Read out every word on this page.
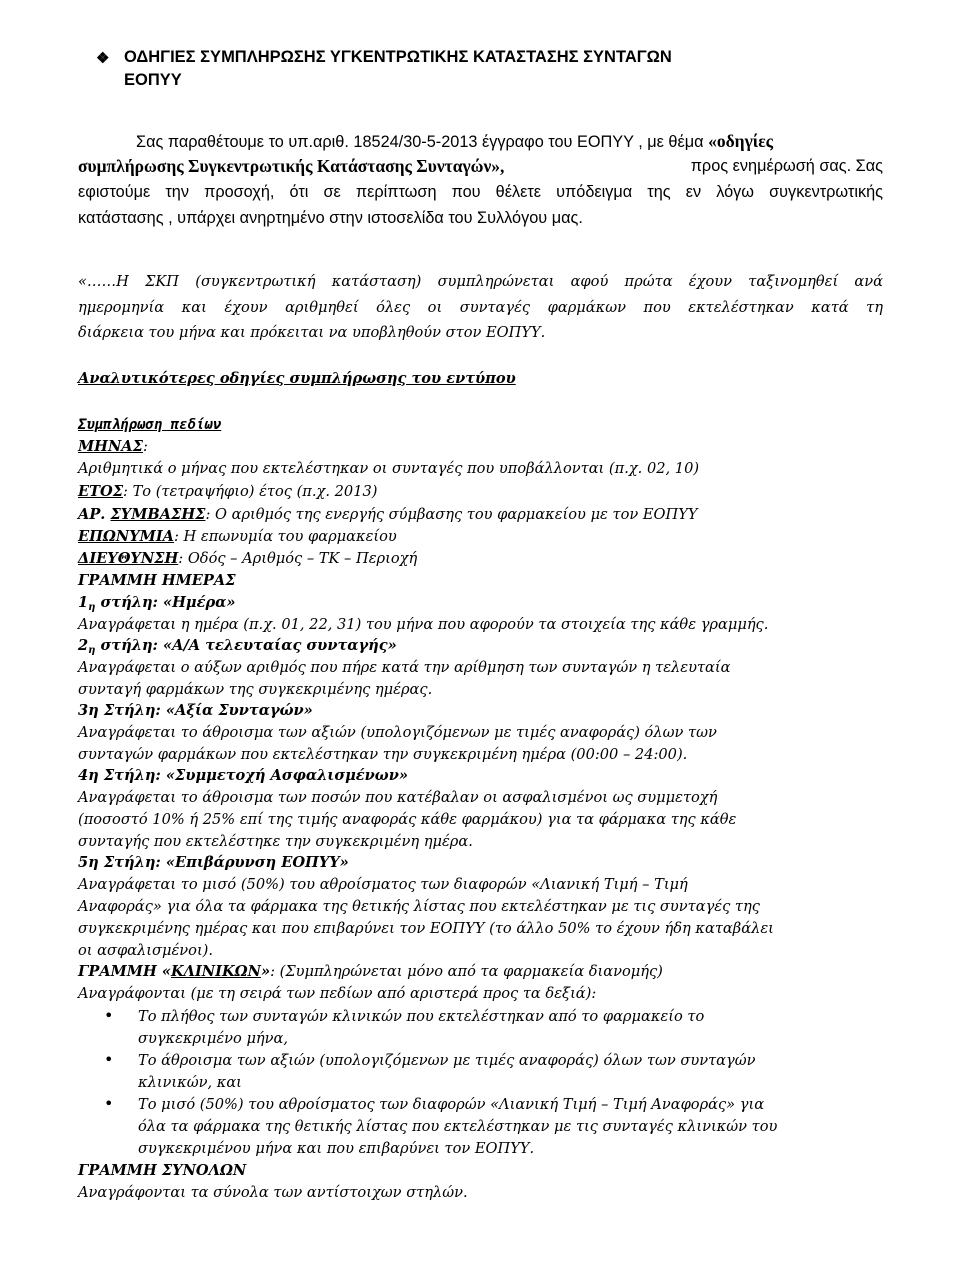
❖ ΟΔΗΓΙΕΣ ΣΥΜΠΛΗΡΩΣΗΣ ΥΓΚΕΝΤΡΩΤΙΚΗΣ ΚΑΤΑΣΤΑΣΗΣ ΣΥΝΤΑΓΩΝ
ΕΟΠΥΥ
Σας παραθέτουμε το υπ.αριθ. 18524/30-5-2013 έγγραφο του ΕΟΠΥΥ , με θέμα «οδηγίες
συμπλήρωσης Συγκεντρωτικής Κατάστασης Συνταγών»,	προς ενημέρωσή σας. Σας
εφιστούμε την προσοχή, ότι σε περίπτωση που θέλετε υπόδειγμα της εν λόγω συγκεντρωτικής
κατάστασης , υπάρχει ανηρτημένο στην ιστοσελίδα του Συλλόγου μας.
«……Η ΣΚΠ (συγκεντρωτική κατάσταση) συμπληρώνεται αφού πρώτα έχουν ταξινομηθεί ανά
ημερομηνία και έχουν αριθμηθεί όλες οι συνταγές φαρμάκων που εκτελέστηκαν κατά τη
διάρκεια του μήνα και πρόκειται να υποβληθούν στον ΕΟΠΥΥ.
Αναλυτικότερες οδηγίες συμπλήρωσης του εντύπου
Συμπλήρωση πεδίων
ΜΗΝΑΣ:
Αριθμητικά ο μήνας που εκτελέστηκαν οι συνταγές που υποβάλλονται (π.χ. 02, 10)
ΕΤΟΣ: Το (τετραψήφιο) έτος (π.χ. 2013)
ΑΡ. ΣΥΜΒΑΣΗΣ: Ο αριθμός της ενεργής σύμβασης του φαρμακείου με τον ΕΟΠΥΥ
ΕΠΩΝΥΜΙΑ: Η επωνυμία του φαρμακείου
ΔΙΕΥΘΥΝΣΗ: Οδός – Αριθμός – ΤΚ – Περιοχή
ΓΡΑΜΜΗ ΗΜΕΡΑΣ
$1_\eta$ στήλη: «Ημέρα»
Αναγράφεται η ημέρα (π.χ. 01, 22, 31) του μήνα που αφορούν τα στοιχεία της κάθε γραμμής.
$2_\eta$ στήλη: «Α/Α τελευταίας συνταγής»
Αναγράφεται ο αύξων αριθμός που πήρε κατά την αρίθμηση των συνταγών η τελευταία
συνταγή φαρμάκων της συγκεκριμένης ημέρας.
3η Στήλη: «Αξία Συνταγών»
Αναγράφεται το άθροισμα των αξιών (υπολογιζόμενων με τιμές αναφοράς) όλων των
συνταγών φαρμάκων που εκτελέστηκαν την συγκεκριμένη ημέρα (00:00 – 24:00).
4η Στήλη: «Συμμετοχή Ασφαλισμένων»
Αναγράφεται το άθροισμα των ποσών που κατέβαλαν οι ασφαλισμένοι ως συμμετοχή
(ποσοστό 10% ή 25% επί της τιμής αναφοράς κάθε φαρμάκου) για τα φάρμακα της κάθε
συνταγής που εκτελέστηκε την συγκεκριμένη ημέρα.
5η Στήλη: «Επιβάρυνση ΕΟΠΥΥ»
Αναγράφεται το μισό (50%) του αθροίσματος των διαφορών «Λιανική Τιμή – Τιμή
Αναφοράς» για όλα τα φάρμακα της θετικής λίστας που εκτελέστηκαν με τις συνταγές της
συγκεκριμένης ημέρας και που επιβαρύνει τον ΕΟΠΥΥ (το άλλο 50% το έχουν ήδη καταβάλει
οι ασφαλισμένοι).
ΓΡΑΜΜΗ «ΚΛΙΝΙΚΩΝ»: (Συμπληρώνεται μόνο από τα φαρμακεία διανομής)
Αναγράφονται (με τη σειρά των πεδίων από αριστερά προς τα δεξιά):
• Το πλήθος των συνταγών κλινικών που εκτελέστηκαν από το φαρμακείο το
συγκεκριμένο μήνα,
• Το άθροισμα των αξιών (υπολογιζόμενων με τιμές αναφοράς) όλων των συνταγών
κλινικών, και
• Το μισό (50%) του αθροίσματος των διαφορών «Λιανική Τιμή – Τιμή Αναφοράς» για
όλα τα φάρμακα της θετικής λίστας που εκτελέστηκαν με τις συνταγές κλινικών του
συγκεκριμένου μήνα και που επιβαρύνει τον ΕΟΠΥΥ.
ΓΡΑΜΜΗ ΣΥΝΟΛΩΝ
Αναγράφονται τα σύνολα των αντίστοιχων στηλών.
